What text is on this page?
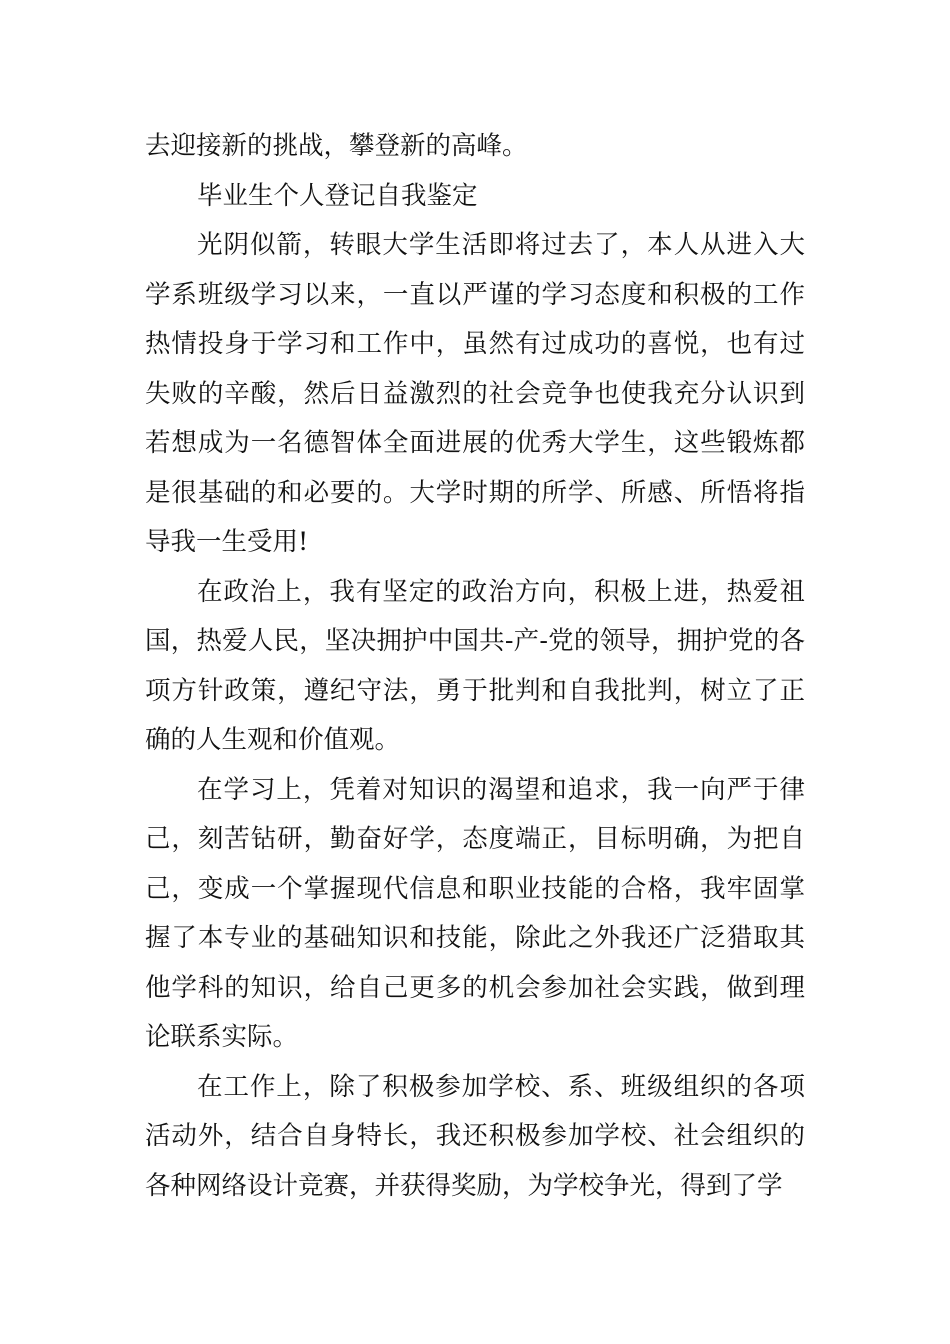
去迎接新的挑战，攀登新的高峰。

毕业生个人登记自我鉴定

光阴似箭，转眼大学生活即将过去了，本人从进入大学系班级学习以来，一直以严谨的学习态度和积极的工作热情投身于学习和工作中，虽然有过成功的喜悦，也有过失败的辛酸，然后日益激烈的社会竞争也使我充分认识到若想成为一名德智体全面进展的优秀大学生，这些锻炼都是很基础的和必要的。大学时期的所学、所感、所悟将指导我一生受用!

在政治上，我有坚定的政治方向，积极上进，热爱祖国，热爱人民，坚决拥护中国共-产-党的领导，拥护党的各项方针政策，遵纪守法，勇于批判和自我批判，树立了正确的人生观和价值观。

在学习上，凭着对知识的渴望和追求，我一向严于律己，刻苦钻研，勤奋好学，态度端正，目标明确，为把自己，变成一个掌握现代信息和职业技能的合格，我牢固掌握了本专业的基础知识和技能，除此之外我还广泛猎取其他学科的知识，给自己更多的机会参加社会实践，做到理论联系实际。

在工作上，除了积极参加学校、系、班级组织的各项活动外，结合自身特长，我还积极参加学校、社会组织的各种网络设计竞赛，并获得奖励，为学校争光，得到了学
